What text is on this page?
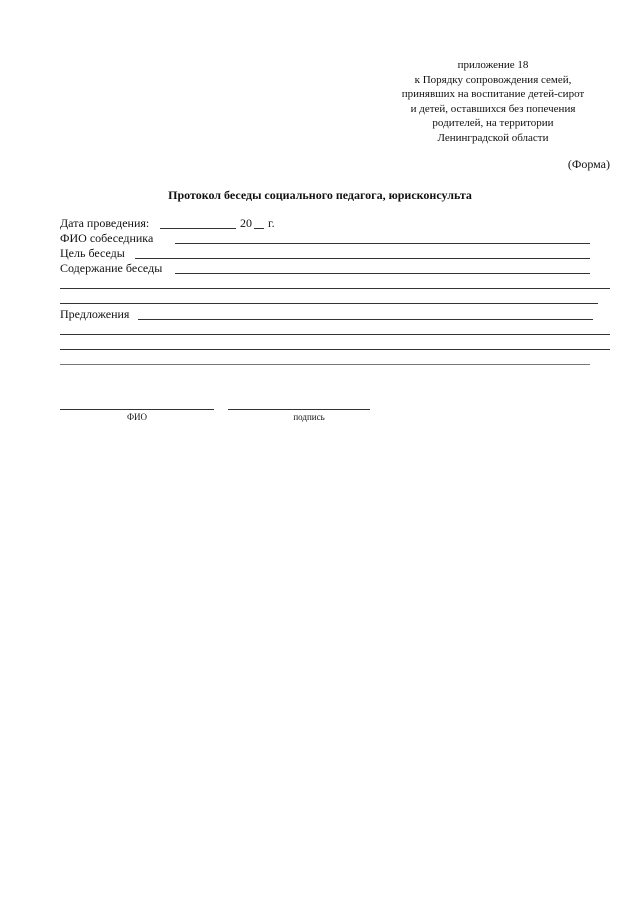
приложение 18
к Порядку сопровождения семей,
принявших на воспитание детей-сирот
и детей, оставшихся без попечения
родителей, на территории
Ленинградской области
(Форма)
Протокол беседы социального педагога, юрисконсульта
Дата проведения:	20 г.
ФИО собеседника
Цель беседы
Содержание беседы
Предложения
ФИО	подпись
